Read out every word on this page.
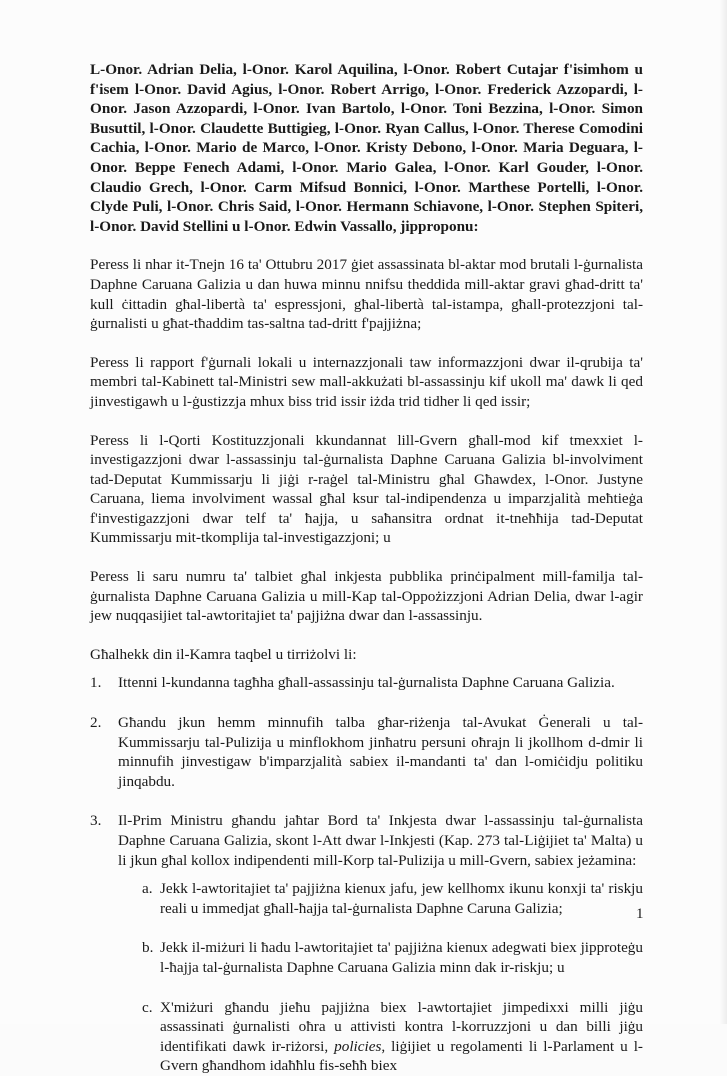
L-Onor. Adrian Delia, l-Onor. Karol Aquilina, l-Onor. Robert Cutajar f'isimhom u f'isem l-Onor. David Agius, l-Onor. Robert Arrigo, l-Onor. Frederick Azzopardi, l-Onor. Jason Azzopardi, l-Onor. Ivan Bartolo, l-Onor. Toni Bezzina, l-Onor. Simon Busuttil, l-Onor. Claudette Buttigieg, l-Onor. Ryan Callus, l-Onor. Therese Comodini Cachia, l-Onor. Mario de Marco, l-Onor. Kristy Debono, l-Onor. Maria Deguara, l-Onor. Beppe Fenech Adami, l-Onor. Mario Galea, l-Onor. Karl Gouder, l-Onor. Claudio Grech, l-Onor. Carm Mifsud Bonnici, l-Onor. Marthese Portelli, l-Onor. Clyde Puli, l-Onor. Chris Said, l-Onor. Hermann Schiavone, l-Onor. Stephen Spiteri, l-Onor. David Stellini u l-Onor. Edwin Vassallo, jipproponu:

Peress li nhar it-Tnejn 16 ta' Ottubru 2017 ġiet assassinata bl-aktar mod brutali l-ġurnalista Daphne Caruana Galizia u dan huwa minnu nnifsu theddida mill-aktar gravi għad-dritt ta' kull ċittadin għal-libertà ta' espressjoni, għal-libertà tal-istampa, għall-protezzjoni tal-ġurnalisti u għat-tħaddim tas-saltna tad-dritt f'pajjiżna;

Peress li rapport f'ġurnali lokali u internazzjonali taw informazzjoni dwar il-qrubija ta' membri tal-Kabinett tal-Ministri sew mall-akkużati bl-assassinju kif ukoll ma' dawk li qed jinvestigawh u l-ġustizzja mhux biss trid issir iżda trid tidher li qed issir;

Peress li l-Qorti Kostituzzjonali kkundannat lill-Gvern għall-mod kif tmexxiet l-investigazzjoni dwar l-assassinju tal-ġurnalista Daphne Caruana Galizia bl-involviment tad-Deputat Kummissarju li jiġi r-raġel tal-Ministru għal Għawdex, l-Onor. Justyne Caruana, liema involviment wassal għal ksur tal-indipendenza u imparzjalità meħtieġa f'investigazzjoni dwar telf ta' ħajja, u saħansitra ordnat it-tneħħija tad-Deputat Kummissarju mit-tkomplija tal-investigazzjoni; u

Peress li saru numru ta' talbiet għal inkjesta pubblika prinċipalment mill-familja tal-ġurnalista Daphne Caruana Galizia u mill-Kap tal-Oppożizzjoni Adrian Delia, dwar l-agir jew nuqqasijiet tal-awtoritajiet ta' pajjiżna dwar dan l-assassinju.

Għalhekk din il-Kamra taqbel u tirriżolvi li:

1. Ittenni l-kundanna tagħha għall-assassinju tal-ġurnalista Daphne Caruana Galizia.
2. Għandu jkun hemm minnufih talba għar-riżenja tal-Avukat Ġenerali u tal-Kummissarju tal-Pulizija u minflokhom jinħatru persuni oħrajn li jkollhom d-dmir li minnufih jinvestigaw b'imparzjalità sabiex il-mandanti ta' dan l-omiċidju politiku jinqabdu.
3. Il-Prim Ministru għandu jaħtar Bord ta' Inkjesta dwar l-assassinju tal-ġurnalista Daphne Caruana Galizia, skont l-Att dwar l-Inkjesti (Kap. 273 tal-Liġijiet ta' Malta) u li jkun għal kollox indipendenti mill-Korp tal-Pulizija u mill-Gvern, sabiex jeżamina:
a. Jekk l-awtoritajiet ta' pajjiżna kienux jafu, jew kellhomx ikunu konxji ta' riskju reali u immedjat għall-ħajja tal-ġurnalista Daphne Caruna Galizia;
b. Jekk il-miżuri li ħadu l-awtoritajiet ta' pajjiżna kienux adegwati biex jipproteġu l-ħajja tal-ġurnalista Daphne Caruana Galizia minn dak ir-riskju; u
c. X'miżuri għandu jieħu pajjiżna biex l-awtortajiet jimpedixxi milli jiġu assassinati ġurnalisti oħra u attivisti kontra l-korruzzjoni u dan billi jiġu identifikati dawk ir-riżorsi, policies, liġijiet u regolamenti li l-Parlament u l-Gvern għandhom idaħħlu fis-seħħ biex
1
